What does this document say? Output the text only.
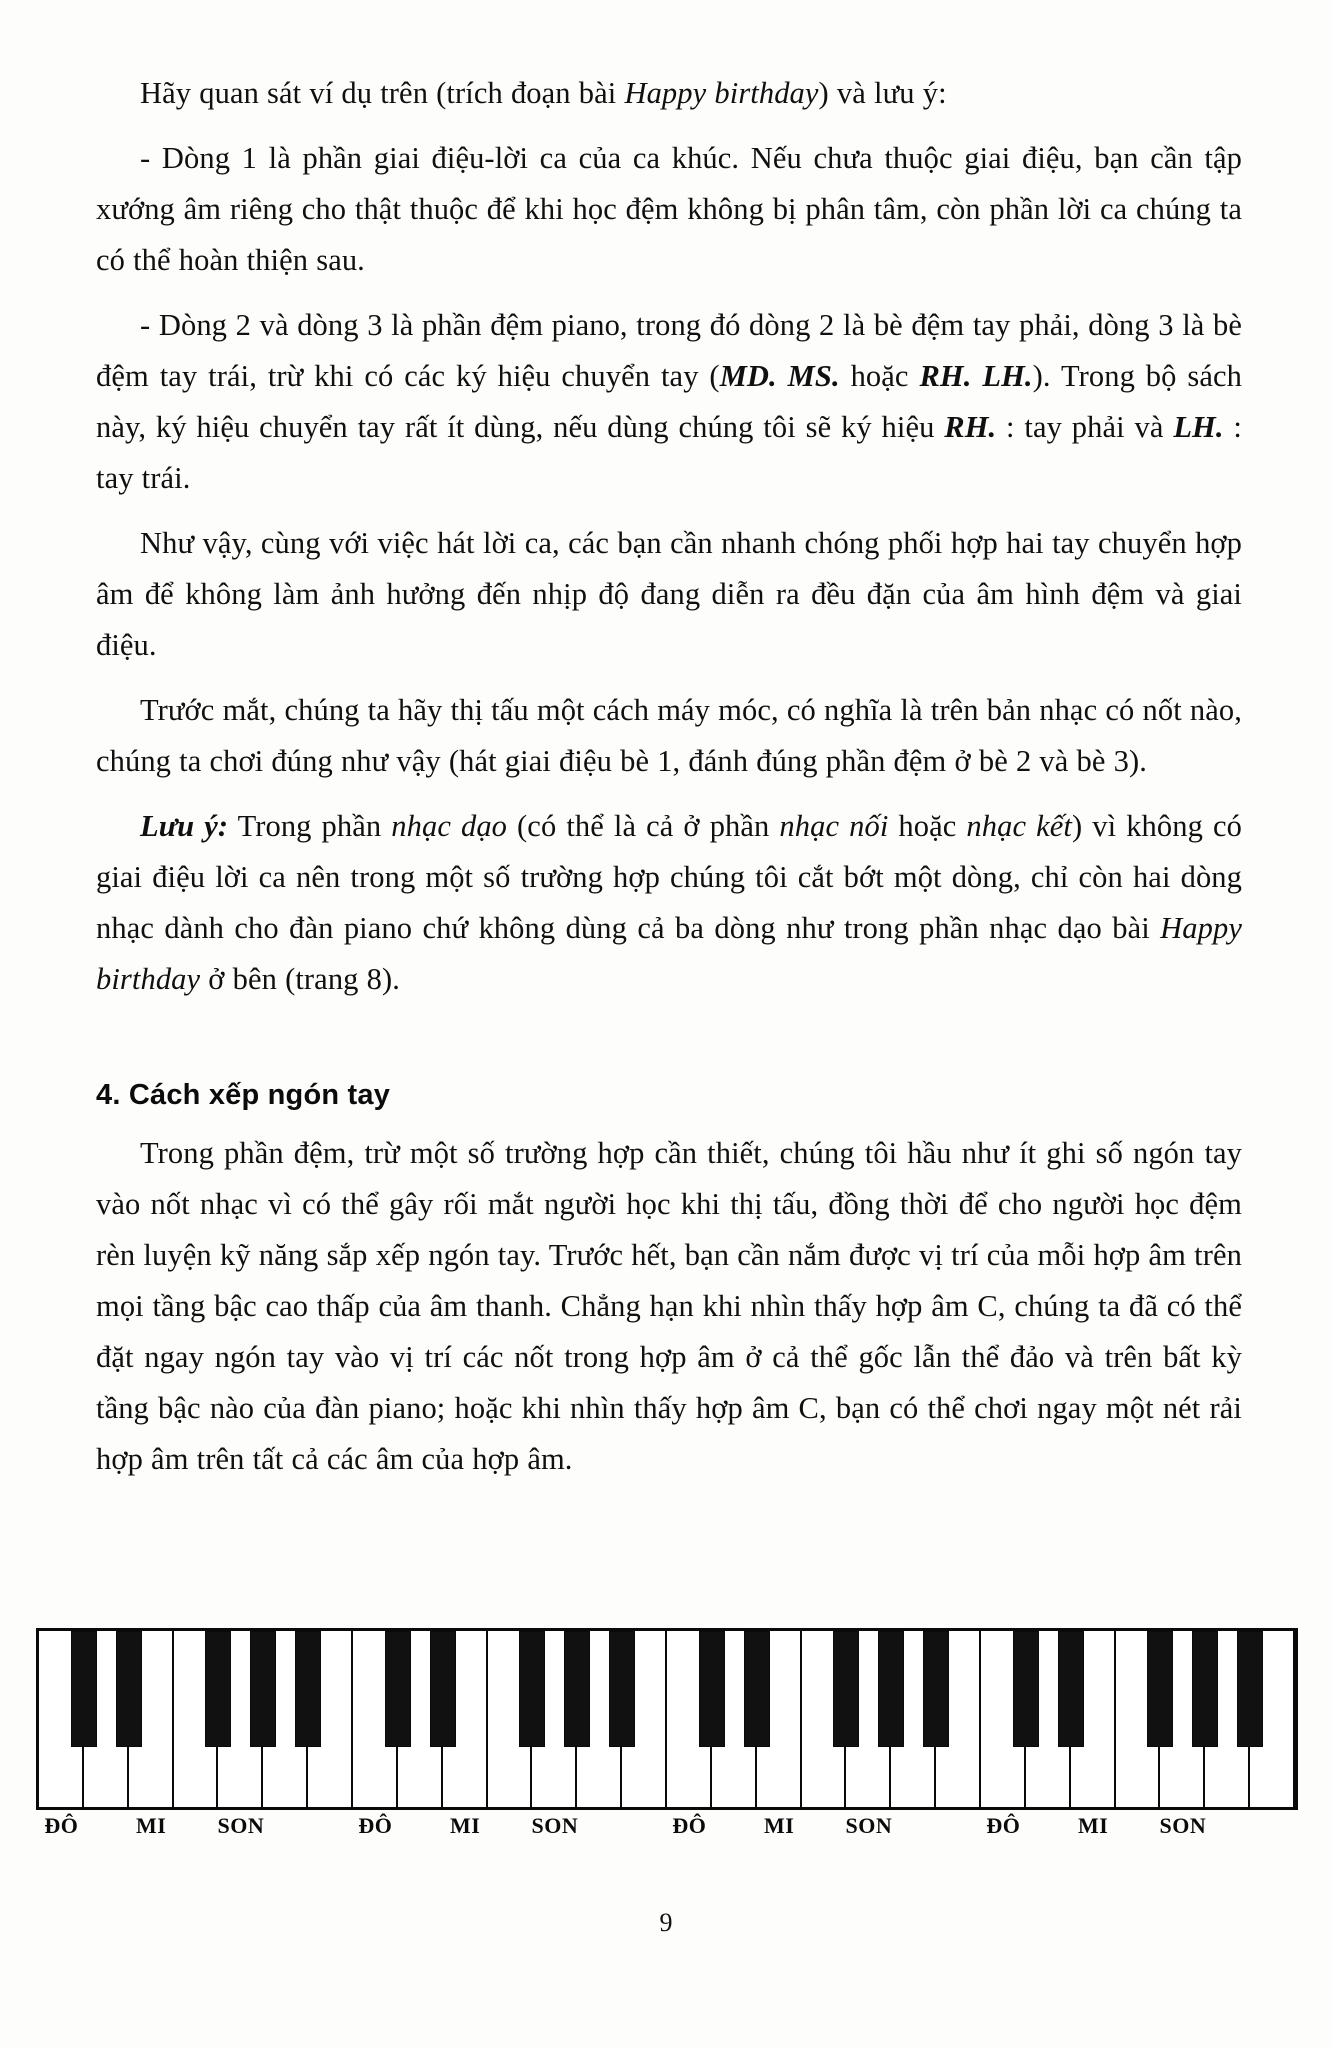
Hãy quan sát ví dụ trên (trích đoạn bài Happy birthday) và lưu ý:

- Dòng 1 là phần giai điệu-lời ca của ca khúc. Nếu chưa thuộc giai điệu, bạn cần tập xướng âm riêng cho thật thuộc để khi học đệm không bị phân tâm, còn phần lời ca chúng ta có thể hoàn thiện sau.

- Dòng 2 và dòng 3 là phần đệm piano, trong đó dòng 2 là bè đệm tay phải, dòng 3 là bè đệm tay trái, trừ khi có các ký hiệu chuyển tay (MD. MS. hoặc RH. LH.). Trong bộ sách này, ký hiệu chuyển tay rất ít dùng, nếu dùng chúng tôi sẽ ký hiệu RH. : tay phải và LH. : tay trái.

Như vậy, cùng với việc hát lời ca, các bạn cần nhanh chóng phối hợp hai tay chuyển hợp âm để không làm ảnh hưởng đến nhịp độ đang diễn ra đều đặn của âm hình đệm và giai điệu.

Trước mắt, chúng ta hãy thị tấu một cách máy móc, có nghĩa là trên bản nhạc có nốt nào, chúng ta chơi đúng như vậy (hát giai điệu bè 1, đánh đúng phần đệm ở bè 2 và bè 3).

Lưu ý: Trong phần nhạc dạo (có thể là cả ở phần nhạc nối hoặc nhạc kết) vì không có giai điệu lời ca nên trong một số trường hợp chúng tôi cắt bớt một dòng, chỉ còn hai dòng nhạc dành cho đàn piano chứ không dùng cả ba dòng như trong phần nhạc dạo bài Happy birthday ở bên (trang 8).

4. Cách xếp ngón tay

Trong phần đệm, trừ một số trường hợp cần thiết, chúng tôi hầu như ít ghi số ngón tay vào nốt nhạc vì có thể gây rối mắt người học khi thị tấu, đồng thời để cho người học đệm rèn luyện kỹ năng sắp xếp ngón tay. Trước hết, bạn cần nắm được vị trí của mỗi hợp âm trên mọi tầng bậc cao thấp của âm thanh. Chẳng hạn khi nhìn thấy hợp âm C, chúng ta đã có thể đặt ngay ngón tay vào vị trí các nốt trong hợp âm ở cả thể gốc lẫn thể đảo và trên bất kỳ tầng bậc nào của đàn piano; hoặc khi nhìn thấy hợp âm C, bạn có thể chơi ngay một nét rải hợp âm trên tất cả các âm của hợp âm.

ĐÔ	MI SON	ĐÔ	MI SON	ĐÔ	MI SON	ĐÔ	MI SON
9
